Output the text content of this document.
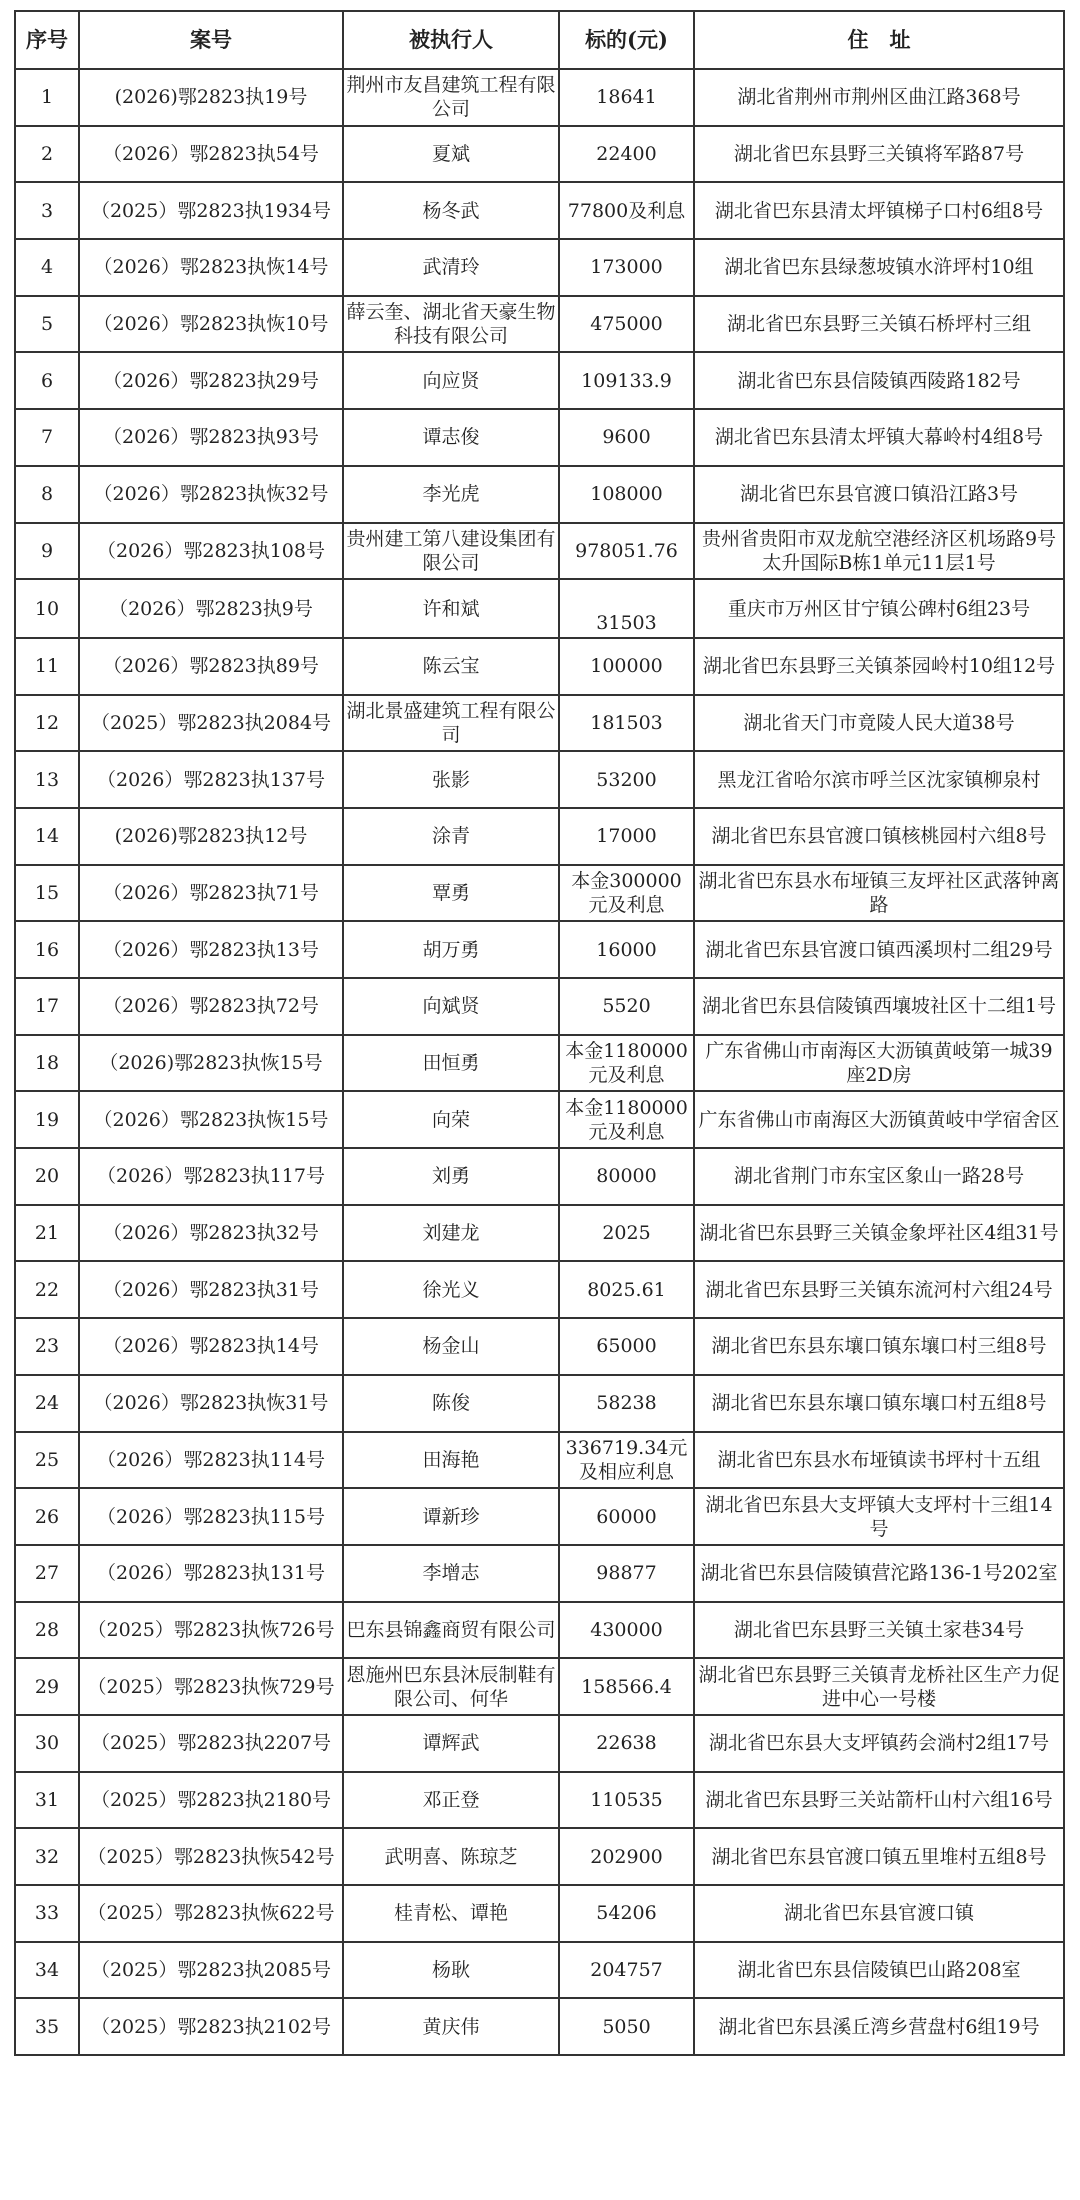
序号	案号	被执行人	标的(元)	住　址
1	(2026)鄂2823执19号	荆州市友昌建筑工程有限公司	18641	湖北省荆州市荆州区曲江路368号
2	（2026）鄂2823执54号	夏斌	22400	湖北省巴东县野三关镇将军路87号
3	（2025）鄂2823执1934号	杨冬武	77800及利息	湖北省巴东县清太坪镇梯子口村6组8号
4	（2026）鄂2823执恢14号	武清玲	173000	湖北省巴东县绿葱坡镇水浒坪村10组
5	（2026）鄂2823执恢10号	薛云奎、湖北省天豪生物科技有限公司	475000	湖北省巴东县野三关镇石桥坪村三组
6	（2026）鄂2823执29号	向应贤	109133.9	湖北省巴东县信陵镇西陵路182号
7	（2026）鄂2823执93号	谭志俊	9600	湖北省巴东县清太坪镇大幕岭村4组8号
8	（2026）鄂2823执恢32号	李光虎	108000	湖北省巴东县官渡口镇沿江路3号
9	（2026）鄂2823执108号	贵州建工第八建设集团有限公司	978051.76	贵州省贵阳市双龙航空港经济区机场路9号太升国际B栋1单元11层1号
10	（2026）鄂2823执9号	许和斌	31503	重庆市万州区甘宁镇公碑村6组23号
11	（2026）鄂2823执89号	陈云宝	100000	湖北省巴东县野三关镇茶园岭村10组12号
12	（2025）鄂2823执2084号	湖北景盛建筑工程有限公司	181503	湖北省天门市竟陵人民大道38号
13	（2026）鄂2823执137号	张影	53200	黑龙江省哈尔滨市呼兰区沈家镇柳泉村
14	(2026)鄂2823执12号	涂青	17000	湖北省巴东县官渡口镇核桃园村六组8号
15	（2026）鄂2823执71号	覃勇	本金300000元及利息	湖北省巴东县水布垭镇三友坪社区武落钟离路
16	（2026）鄂2823执13号	胡万勇	16000	湖北省巴东县官渡口镇西溪坝村二组29号
17	（2026）鄂2823执72号	向斌贤	5520	湖北省巴东县信陵镇西壤坡社区十二组1号
18	（2026)鄂2823执恢15号	田恒勇	本金1180000元及利息	广东省佛山市南海区大沥镇黄岐第一城39座2D房
19	（2026）鄂2823执恢15号	向荣	本金1180000元及利息	广东省佛山市南海区大沥镇黄岐中学宿舍区
20	（2026）鄂2823执117号	刘勇	80000	湖北省荆门市东宝区象山一路28号
21	（2026）鄂2823执32号	刘建龙	2025	湖北省巴东县野三关镇金象坪社区4组31号
22	（2026）鄂2823执31号	徐光义	8025.61	湖北省巴东县野三关镇东流河村六组24号
23	（2026）鄂2823执14号	杨金山	65000	湖北省巴东县东壤口镇东壤口村三组8号
24	（2026）鄂2823执恢31号	陈俊	58238	湖北省巴东县东壤口镇东壤口村五组8号
25	（2026）鄂2823执114号	田海艳	336719.34元及相应利息	湖北省巴东县水布垭镇读书坪村十五组
26	（2026）鄂2823执115号	谭新珍	60000	湖北省巴东县大支坪镇大支坪村十三组14号
27	（2026）鄂2823执131号	李增志	98877	湖北省巴东县信陵镇营沱路136-1号202室
28	（2025）鄂2823执恢726号	巴东县锦鑫商贸有限公司	430000	湖北省巴东县野三关镇土家巷34号
29	（2025）鄂2823执恢729号	恩施州巴东县沐辰制鞋有限公司、何华	158566.4	湖北省巴东县野三关镇青龙桥社区生产力促进中心一号楼
30	（2025）鄂2823执2207号	谭辉武	22638	湖北省巴东县大支坪镇药会淌村2组17号
31	（2025）鄂2823执2180号	邓正登	110535	湖北省巴东县野三关站箭杆山村六组16号
32	（2025）鄂2823执恢542号	武明喜、陈琼芝	202900	湖北省巴东县官渡口镇五里堆村五组8号
33	（2025）鄂2823执恢622号	桂青松、谭艳	54206	湖北省巴东县官渡口镇
34	（2025）鄂2823执2085号	杨耿	204757	湖北省巴东县信陵镇巴山路208室
35	（2025）鄂2823执2102号	黄庆伟	5050	湖北省巴东县溪丘湾乡营盘村6组19号
